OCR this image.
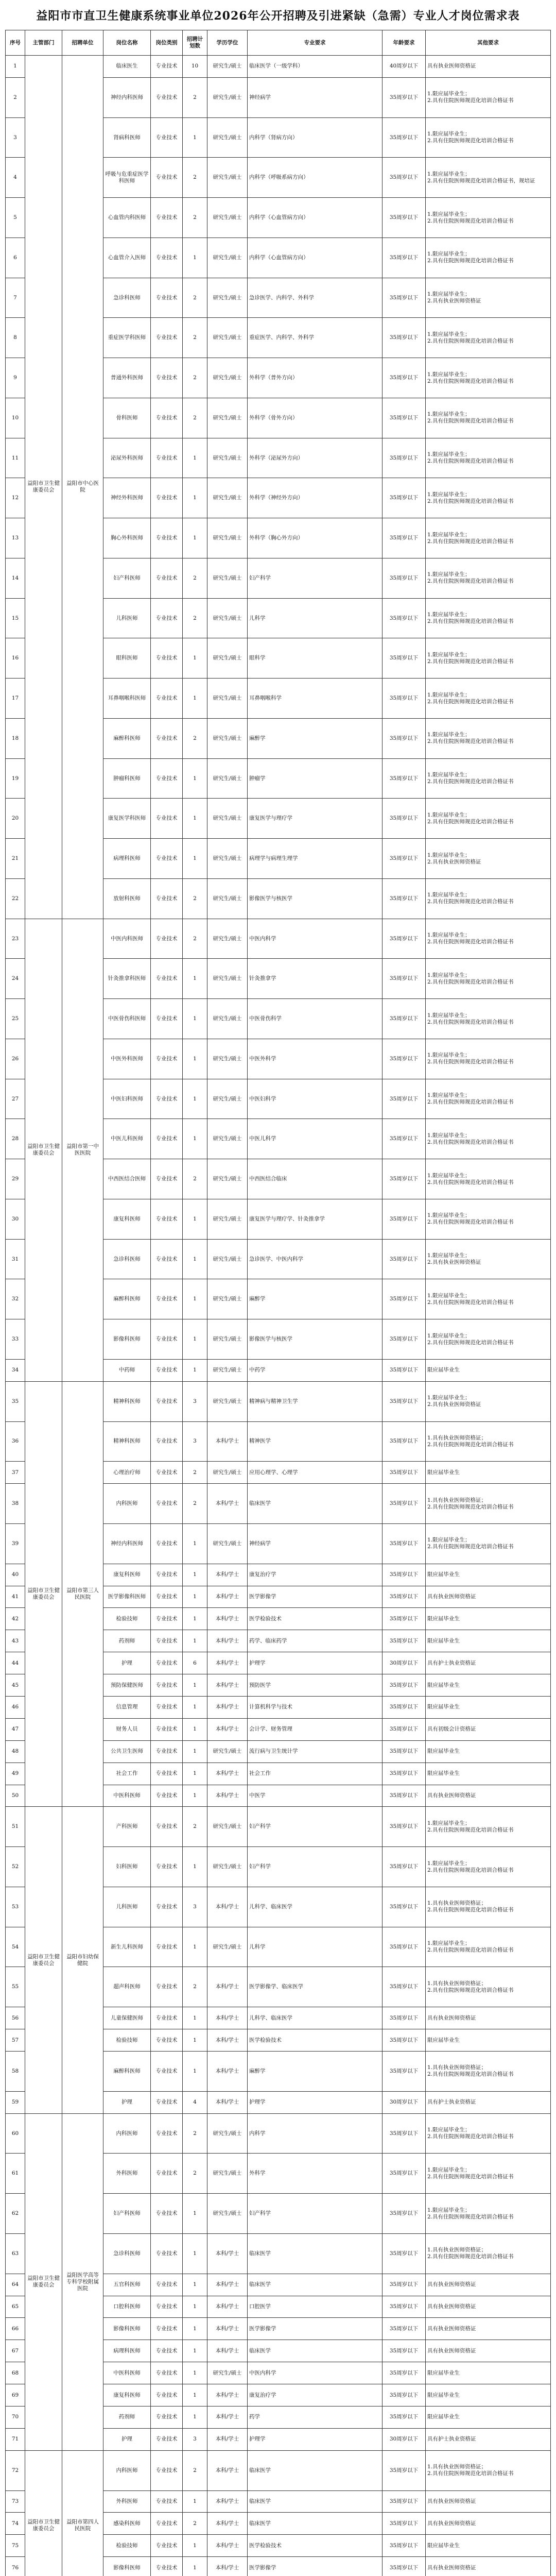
益阳市市直卫生健康系统事业单位2026年公开招聘及引进紧缺（急需）专业人才岗位需求表
序号	主管部门	招聘单位	岗位名称	岗位类别	招聘计划数	学历学位	专业要求	年龄要求	其他要求
1	益阳市卫生健康委员会	益阳市中心医院	临床医生	专业技术	10	研究生/硕士	临床医学（一级学科）	40周岁以下	具有执业医师资格证
2			神经内科医师	专业技术	2	研究生/硕士	神经病学	35周岁以下	1.限应届毕业生；
2.具有住院医师规范化培训合格证书
3			肾病科医师	专业技术	1	研究生/硕士	内科学（肾病方向）	35周岁以下	1.限应届毕业生；
2.具有住院医师规范化培训合格证书
4			呼吸与危重症医学科医师	专业技术	2	研究生/硕士	内科学（呼吸系病方向）	35周岁以下	1.限应届毕业生；
2.具有住院医师规范化培训合格证书，规培证
5			心血管内科医师	专业技术	2	研究生/硕士	内科学（心血管病方向）	35周岁以下	1.限应届毕业生；
2.具有住院医师规范化培训合格证书
6			心血管介入医师	专业技术	1	研究生/硕士	内科学（心血管病方向）	35周岁以下	1.限应届毕业生；
2.具有住院医师规范化培训合格证书
7			急诊科医师	专业技术	2	研究生/硕士	急诊医学、内科学、外科学	35周岁以下	1.限应届毕业生；
2.具有执业医师资格证
8			重症医学科医师	专业技术	2	研究生/硕士	重症医学、内科学、外科学	35周岁以下	1.限应届毕业生；
2.具有住院医师规范化培训合格证书
9			普通外科医师	专业技术	2	研究生/硕士	外科学（普外方向）	35周岁以下	1.限应届毕业生；
2.具有住院医师规范化培训合格证书
10			骨科医师	专业技术	2	研究生/硕士	外科学（骨外方向）	35周岁以下	1.限应届毕业生；
2.具有住院医师规范化培训合格证书
11			泌尿外科医师	专业技术	1	研究生/硕士	外科学（泌尿外方向）	35周岁以下	1.限应届毕业生；
2.具有住院医师规范化培训合格证书
12			神经外科医师	专业技术	1	研究生/硕士	外科学（神经外方向）	35周岁以下	1.限应届毕业生；
2.具有住院医师规范化培训合格证书
13			胸心外科医师	专业技术	1	研究生/硕士	外科学（胸心外方向）	35周岁以下	1.限应届毕业生；
2.具有住院医师规范化培训合格证书
14			妇产科医师	专业技术	2	研究生/硕士	妇产科学	35周岁以下	1.限应届毕业生；
2.具有住院医师规范化培训合格证书
15			儿科医师	专业技术	2	研究生/硕士	儿科学	35周岁以下	1.限应届毕业生；
2.具有住院医师规范化培训合格证书
16			眼科医师	专业技术	1	研究生/硕士	眼科学	35周岁以下	1.限应届毕业生；
2.具有住院医师规范化培训合格证书
17			耳鼻咽喉科医师	专业技术	1	研究生/硕士	耳鼻咽喉科学	35周岁以下	1.限应届毕业生；
2.具有住院医师规范化培训合格证书
18			麻醉科医师	专业技术	2	研究生/硕士	麻醉学	35周岁以下	1.限应届毕业生；
2.具有住院医师规范化培训合格证书
19			肿瘤科医师	专业技术	1	研究生/硕士	肿瘤学	35周岁以下	1.限应届毕业生；
2.具有住院医师规范化培训合格证书
20			康复医学科医师	专业技术	1	研究生/硕士	康复医学与理疗学	35周岁以下	1.限应届毕业生；
2.具有住院医师规范化培训合格证书
21			病理科医师	专业技术	1	研究生/硕士	病理学与病理生理学	35周岁以下	1.限应届毕业生；
2.具有执业医师资格证
22			放射科医师	专业技术	2	研究生/硕士	影像医学与核医学	35周岁以下	1.限应届毕业生；
2.具有住院医师规范化培训合格证书
23	益阳市卫生健康委员会	益阳市第一中医医院	中医内科医师	专业技术	2	研究生/硕士	中医内科学	35周岁以下	1.限应届毕业生；
2.具有住院医师规范化培训合格证书
24			针灸推拿科医师	专业技术	1	研究生/硕士	针灸推拿学	35周岁以下	1.限应届毕业生；
2.具有住院医师规范化培训合格证书
25			中医骨伤科医师	专业技术	1	研究生/硕士	中医骨伤科学	35周岁以下	1.限应届毕业生；
2.具有住院医师规范化培训合格证书
26			中医外科医师	专业技术	1	研究生/硕士	中医外科学	35周岁以下	1.限应届毕业生；
2.具有住院医师规范化培训合格证书
27			中医妇科医师	专业技术	1	研究生/硕士	中医妇科学	35周岁以下	1.限应届毕业生；
2.具有住院医师规范化培训合格证书
28			中医儿科医师	专业技术	1	研究生/硕士	中医儿科学	35周岁以下	1.限应届毕业生；
2.具有住院医师规范化培训合格证书
29			中西医结合医师	专业技术	2	研究生/硕士	中西医结合临床	35周岁以下	1.限应届毕业生；
2.具有住院医师规范化培训合格证书
30			康复科医师	专业技术	1	研究生/硕士	康复医学与理疗学、针灸推拿学	35周岁以下	1.限应届毕业生；
2.具有住院医师规范化培训合格证书
31			急诊科医师	专业技术	1	研究生/硕士	急诊医学、中医内科学	35周岁以下	1.限应届毕业生；
2.具有执业医师资格证
32			麻醉科医师	专业技术	1	研究生/硕士	麻醉学	35周岁以下	1.限应届毕业生；
2.具有住院医师规范化培训合格证书
33			影像科医师	专业技术	1	研究生/硕士	影像医学与核医学	35周岁以下	1.限应届毕业生；
2.具有住院医师规范化培训合格证书
34			中药师	专业技术	1	研究生/硕士	中药学	35周岁以下	限应届毕业生
35	益阳市卫生健康委员会	益阳市第三人民医院	精神科医师	专业技术	3	研究生/硕士	精神病与精神卫生学	35周岁以下	1.限应届毕业生；
2.具有执业医师资格证
36			精神科医师	专业技术	3	本科/学士	精神医学	35周岁以下	1.具有执业医师资格证；
2.具有住院医师规范化培训合格证书
37			心理治疗师	专业技术	2	研究生/硕士	应用心理学、心理学	35周岁以下	限应届毕业生
38			内科医师	专业技术	2	本科/学士	临床医学	35周岁以下	1.具有执业医师资格证；
2.具有住院医师规范化培训合格证书
39			神经内科医师	专业技术	1	研究生/硕士	神经病学	35周岁以下	1.限应届毕业生；
2.具有住院医师规范化培训合格证书
40			康复科医师	专业技术	1	本科/学士	康复治疗学	35周岁以下	限应届毕业生
41			医学影像科医师	专业技术	1	本科/学士	医学影像学	35周岁以下	具有执业医师资格证
42			检验技师	专业技术	1	本科/学士	医学检验技术	35周岁以下	限应届毕业生
43			药剂师	专业技术	1	本科/学士	药学、临床药学	35周岁以下	限应届毕业生
44			护理	专业技术	6	本科/学士	护理学	30周岁以下	具有护士执业资格证
45			预防保健医师	专业技术	1	本科/学士	预防医学	35周岁以下	限应届毕业生
46			信息管理	专业技术	1	本科/学士	计算机科学与技术	35周岁以下	限应届毕业生
47			财务人员	专业技术	1	本科/学士	会计学、财务管理	35周岁以下	具有初级会计资格证
48			公共卫生医师	专业技术	1	研究生/硕士	流行病与卫生统计学	35周岁以下	限应届毕业生
49			社会工作	专业技术	1	本科/学士	社会工作	35周岁以下	限应届毕业生
50			中医科医师	专业技术	1	本科/学士	中医学	35周岁以下	具有执业医师资格证
51	益阳市卫生健康委员会	益阳市妇幼保健院	产科医师	专业技术	2	研究生/硕士	妇产科学	35周岁以下	1.限应届毕业生；
2.具有住院医师规范化培训合格证书
52			妇科医师	专业技术	1	研究生/硕士	妇产科学	35周岁以下	1.限应届毕业生；
2.具有住院医师规范化培训合格证书
53			儿科医师	专业技术	3	本科/学士	儿科学、临床医学	35周岁以下	1.具有执业医师资格证；
2.具有住院医师规范化培训合格证书
54			新生儿科医师	专业技术	1	研究生/硕士	儿科学	35周岁以下	1.限应届毕业生；
2.具有住院医师规范化培训合格证书
55			超声科医师	专业技术	2	本科/学士	医学影像学、临床医学	35周岁以下	1.具有执业医师资格证；
2.具有住院医师规范化培训合格证书
56			儿童保健医师	专业技术	1	本科/学士	儿科学、临床医学	35周岁以下	具有执业医师资格证
57			检验技师	专业技术	1	本科/学士	医学检验技术	35周岁以下	限应届毕业生
58			麻醉科医师	专业技术	1	本科/学士	麻醉学	35周岁以下	1.具有执业医师资格证；
2.具有住院医师规范化培训合格证书
59			护理	专业技术	4	本科/学士	护理学	30周岁以下	具有护士执业资格证
60	益阳市卫生健康委员会	益阳医学高等专科学校附属医院	内科医师	专业技术	2	研究生/硕士	内科学	35周岁以下	1.限应届毕业生；
2.具有住院医师规范化培训合格证书
61			外科医师	专业技术	2	研究生/硕士	外科学	35周岁以下	1.限应届毕业生；
2.具有住院医师规范化培训合格证书
62			妇产科医师	专业技术	1	研究生/硕士	妇产科学	35周岁以下	1.限应届毕业生；
2.具有住院医师规范化培训合格证书
63			急诊科医师	专业技术	1	本科/学士	临床医学	35周岁以下	1.具有执业医师资格证；
2.具有住院医师规范化培训合格证书
64			五官科医师	专业技术	1	本科/学士	临床医学	35周岁以下	具有执业医师资格证
65			口腔科医师	专业技术	1	本科/学士	口腔医学	35周岁以下	具有执业医师资格证
66			影像科医师	专业技术	1	本科/学士	医学影像学	35周岁以下	具有执业医师资格证
67			病理科医师	专业技术	1	本科/学士	临床医学	35周岁以下	具有执业医师资格证
68			中医科医师	专业技术	1	研究生/硕士	中医内科学	35周岁以下	限应届毕业生
69			康复科医师	专业技术	1	本科/学士	康复治疗学	35周岁以下	限应届毕业生
70			药剂师	专业技术	1	本科/学士	药学	35周岁以下	限应届毕业生
71			护理	专业技术	3	本科/学士	护理学	30周岁以下	具有护士执业资格证
72	益阳市卫生健康委员会	益阳市第四人民医院	内科医师	专业技术	2	本科/学士	临床医学	35周岁以下	1.具有执业医师资格证；
2.具有住院医师规范化培训合格证书
73			外科医师	专业技术	1	本科/学士	临床医学	35周岁以下	具有执业医师资格证
74			感染科医师	专业技术	2	本科/学士	临床医学	35周岁以下	具有执业医师资格证
75			检验技师	专业技术	1	本科/学士	医学检验技术	35周岁以下	限应届毕业生
76			影像科医师	专业技术	1	本科/学士	医学影像学	35周岁以下	具有执业医师资格证
